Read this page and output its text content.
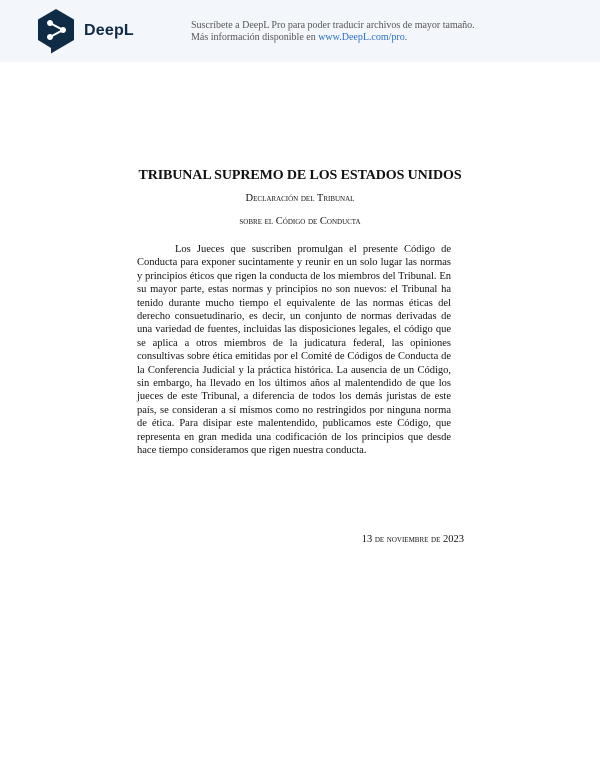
DeepL	Suscríbete a DeepL Pro para poder traducir archivos de mayor tamaño.
Más información disponible en www.DeepL.com/pro.
TRIBUNAL SUPREMO DE LOS ESTADOS UNIDOS
Declaración del Tribunal
sobre el Código de Conducta

Los Jueces que suscriben promulgan el presente Código de Conducta para exponer sucintamente y reunir en un solo lugar las normas y principios éticos que rigen la conducta de los miembros del Tribunal. En su mayor parte, estas normas y principios no son nuevos: el Tribunal ha tenido durante mucho tiempo el equivalente de las normas éticas del derecho consuetudinario, es decir, un conjunto de normas derivadas de una variedad de fuentes, incluidas las disposiciones legales, el código que se aplica a otros miembros de la judicatura federal, las opiniones consultivas sobre ética emitidas por el Comité de Códigos de Conducta de la Conferencia Judicial y la práctica histórica. La ausencia de un Código, sin embargo, ha llevado en los últimos años al malentendido de que los jueces de este Tribunal, a diferencia de todos los demás juristas de este país, se consideran a sí mismos como no restringidos por ninguna norma de ética. Para disipar este malentendido, publicamos este Código, que representa en gran medida una codificación de los principios que desde hace tiempo consideramos que rigen nuestra conducta.

13 de noviembre de 2023
